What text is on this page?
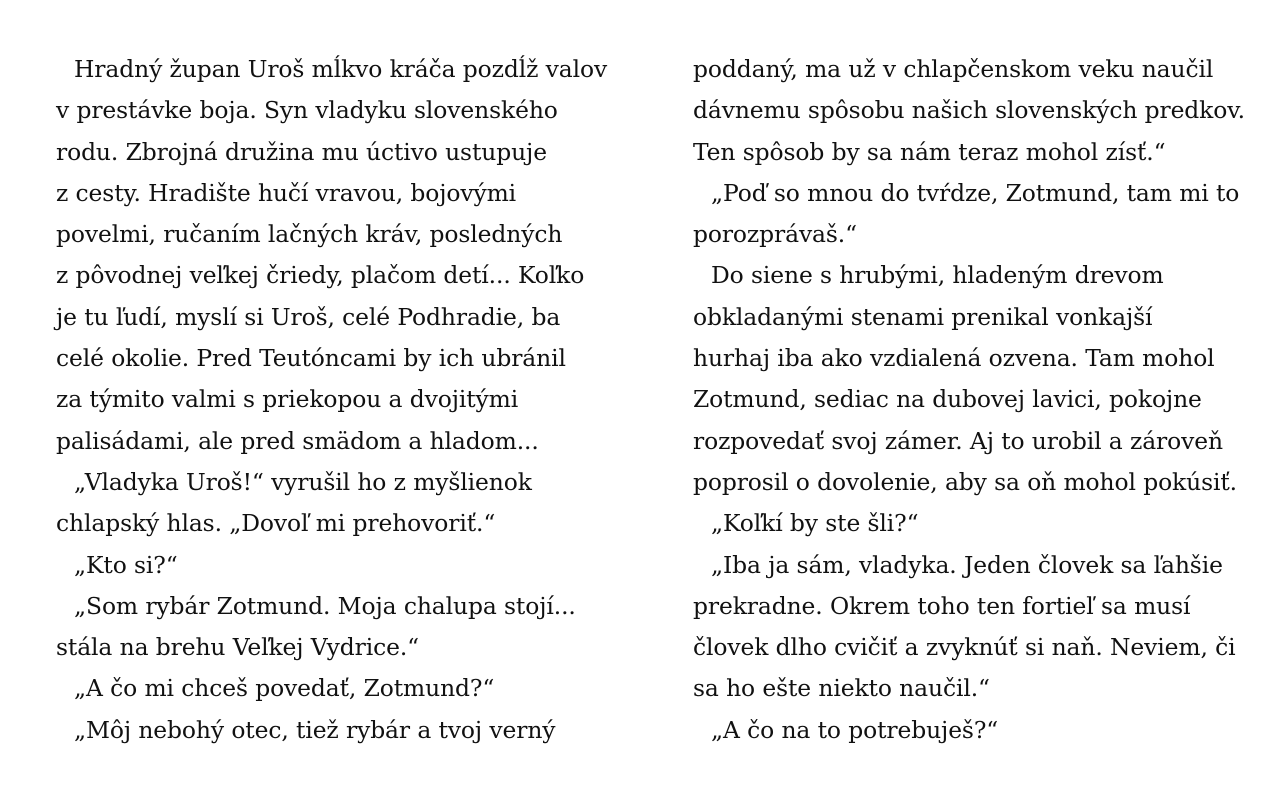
Hradný župan Uroš mĺkvo kráča pozdĺž valov
v prestávke boja. Syn vladyku slovenského
rodu. Zbrojná družina mu úctivo ustupuje
z cesty. Hradište hučí vravou, bojovými
povelmi, ručaním lačných kráv, posledných
z pôvodnej veľkej čriedy, plačom detí... Koľko
je tu ľudí, myslí si Uroš, celé Podhradie, ba
celé okolie. Pred Teutóncami by ich ubránil
za týmito valmi s priekopou a dvojitými
palisádami, ale pred smädom a hladom...
„Vladyka Uroš!“ vyrušil ho z myšlienok
chlapský hlas. „Dovoľ mi prehovoriť.“
„Kto si?“
„Som rybár Zotmund. Moja chalupa stojí...
stála na brehu Veľkej Vydrice.“
„A čo mi chceš povedať, Zotmund?“
„Môj nebohý otec, tiež rybár a tvoj verný
poddaný, ma už v chlapčenskom veku naučil
dávnemu spôsobu našich slovenských predkov.
Ten spôsob by sa nám teraz mohol zísť.“
„Poď so mnou do tvŕdze, Zotmund, tam mi to
porozprávaš.“
Do siene s hrubými, hladeným drevom
obkladanými stenami prenikal vonkajší
hurhaj iba ako vzdialená ozvena. Tam mohol
Zotmund, sediac na dubovej lavici, pokojne
rozpovedať svoj zámer. Aj to urobil a zároveň
poprosil o dovolenie, aby sa oň mohol pokúsiť.
„Koľkí by ste šli?“
„Iba ja sám, vladyka. Jeden človek sa ľahšie
prekradne. Okrem toho ten fortieľ sa musí
človek dlho cvičiť a zvyknúť si naň. Neviem, či
sa ho ešte niekto naučil.“
„A čo na to potrebuješ?“
